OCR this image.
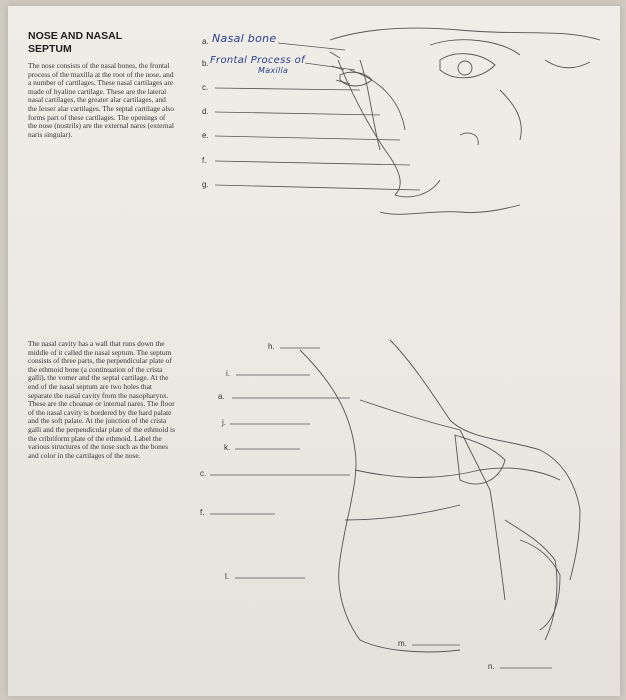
NOSE AND NASAL SEPTUM
The nose consists of the nasal bones, the frontal process of the maxilla at the root of the nose, and a number of cartilages. These nasal cartilages are made of hyaline cartilage. These are the lateral nasal cartilages, the greater alar cartilages, and the lesser alar cartilages. The septal cartilage also forms part of these cartilages. The openings of the nose (nostrils) are the external nares (external naris singular).
The nasal cavity has a wall that runs down the middle of it called the nasal septum. The septum consists of three parts, the perpendicular plate of the ethmoid bone (a continuation of the crista galli), the vomer and the septal cartilage. At the end of the nasal septum are two holes that separate the nasal cavity from the nasopharynx. These are the choanae or internal nares. The floor of the nasal cavity is bordered by the hard palate and the soft palate. At the junction of the crista galli and the perpendicular plate of the ethmoid is the cribriform plate of the ethmoid. Label the various structures of the nose such as the bones and color in the cartilages of the nose.
a.
b.
c.
d.
e.
f.
g.
Nasal bone
Frontal Process of
Maxilla
h.
i.
a.
j.
k.
c.
f.
l.
m.
n.
